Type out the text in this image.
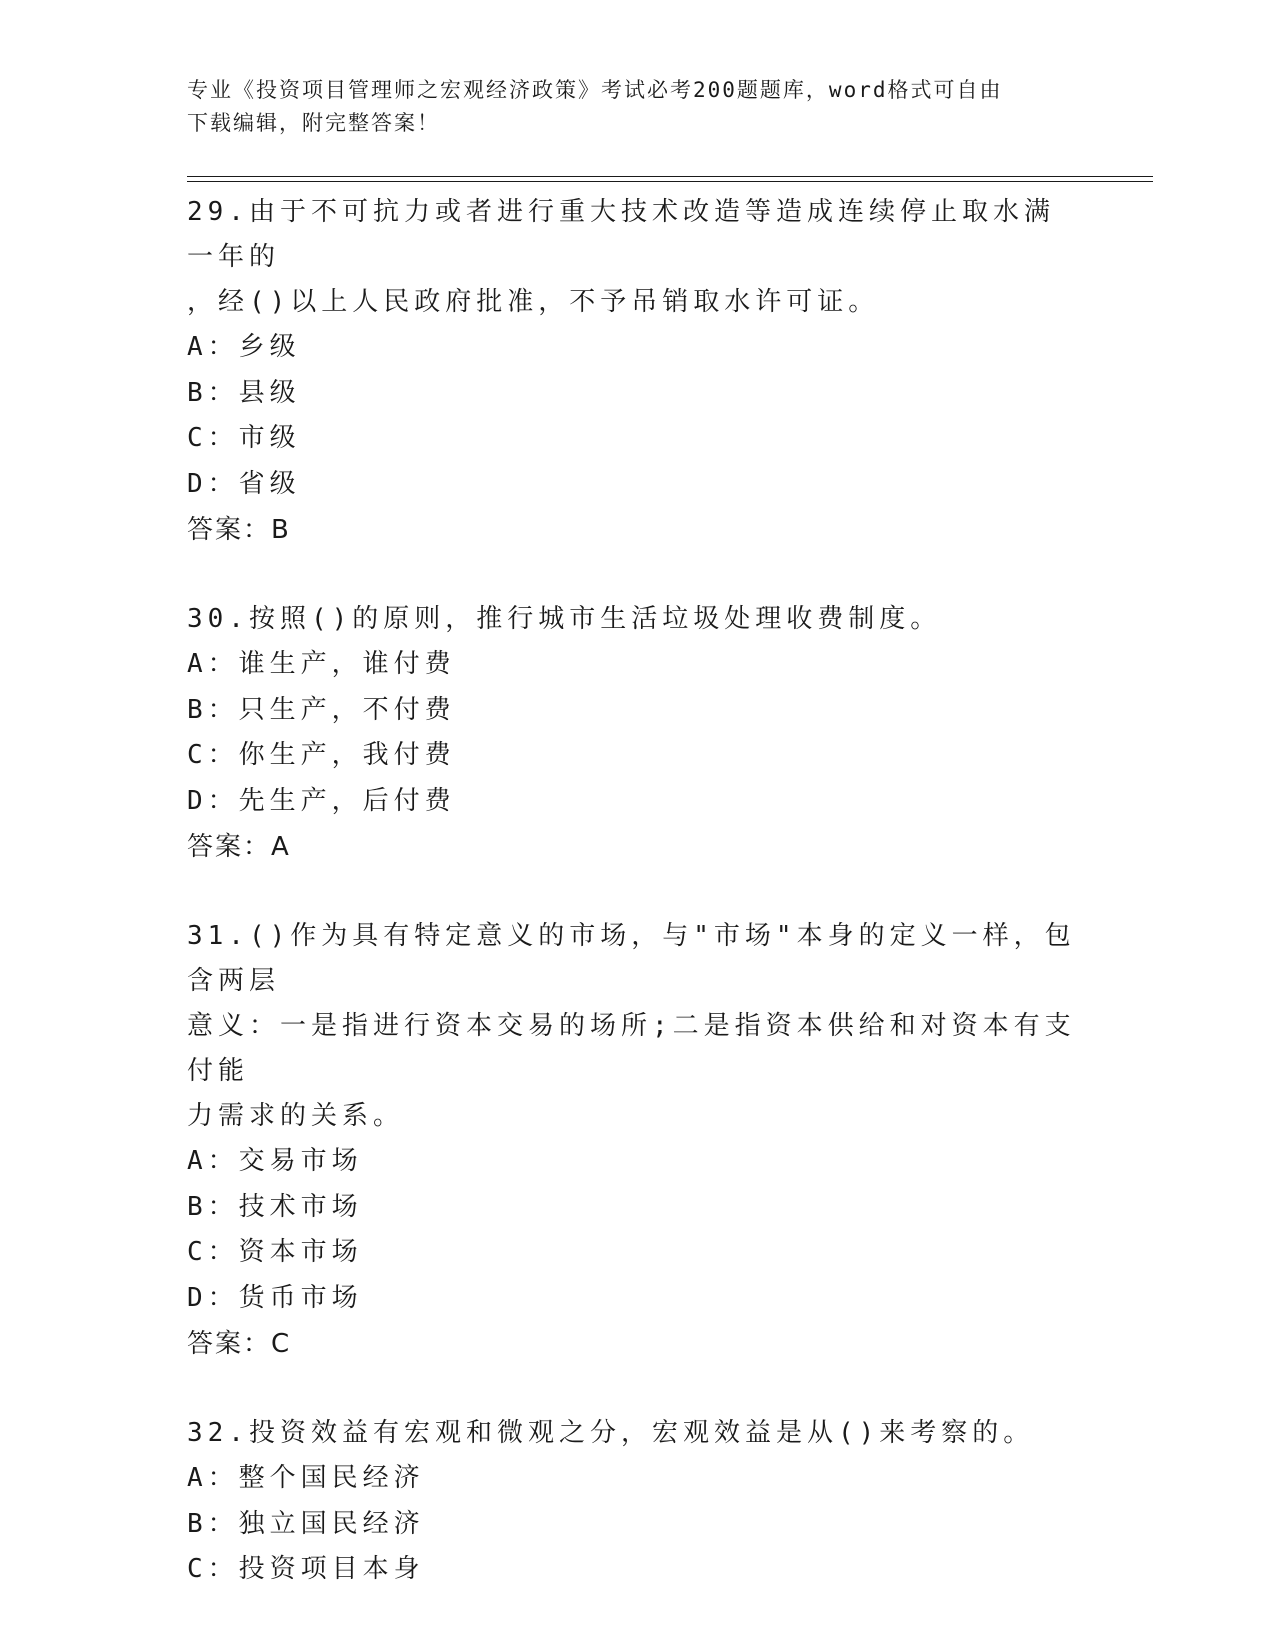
专业《投资项目管理师之宏观经济政策》考试必考200题题库，word格式可自由
下载编辑，附完整答案！
29.由于不可抗力或者进行重大技术改造等造成连续停止取水满一年的
，经()以上人民政府批准，不予吊销取水许可证。
A：乡级
B：县级
C：市级
D：省级
答案：B
30.按照()的原则，推行城市生活垃圾处理收费制度。
A：谁生产，谁付费
B：只生产，不付费
C：你生产，我付费
D：先生产，后付费
答案：A
31.()作为具有特定意义的市场，与"市场"本身的定义一样，包含两层
意义：一是指进行资本交易的场所;二是指资本供给和对资本有支付能
力需求的关系。
A：交易市场
B：技术市场
C：资本市场
D：货币市场
答案：C
32.投资效益有宏观和微观之分，宏观效益是从()来考察的。
A：整个国民经济
B：独立国民经济
C：投资项目本身
